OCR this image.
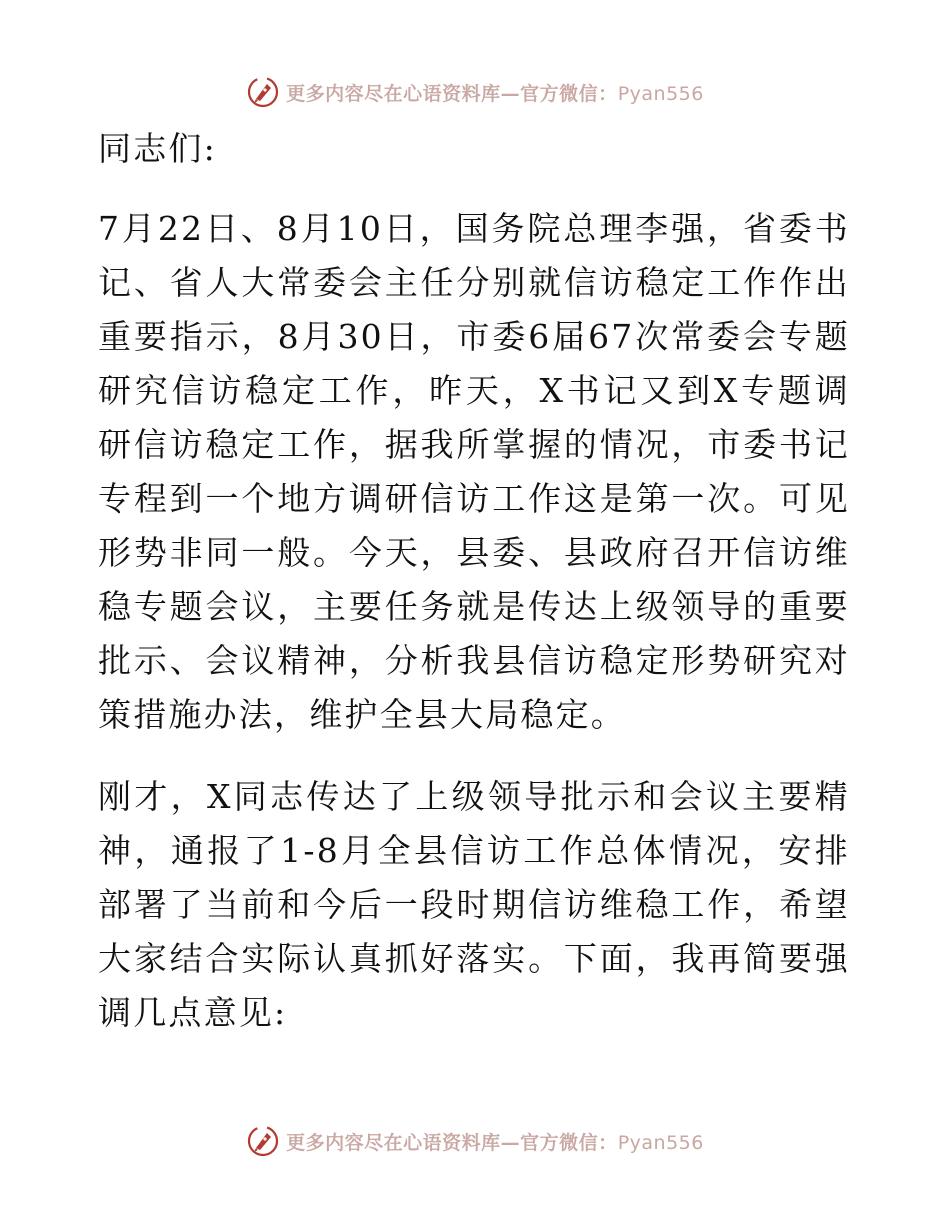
更多内容尽在心语资料库—官方微信：Pyan556

同志们:

7月22日、8月10日，国务院总理李强，省委书记、省人大常委会主任分别就信访稳定工作作出重要指示，8月30日，市委6届67次常委会专题研究信访稳定工作，昨天，X书记又到X专题调研信访稳定工作，据我所掌握的情况，市委书记专程到一个地方调研信访工作这是第一次。可见形势非同一般。今天，县委、县政府召开信访维稳专题会议，主要任务就是传达上级领导的重要批示、会议精神，分析我县信访稳定形势研究对策措施办法，维护全县大局稳定。

刚才，X同志传达了上级领导批示和会议主要精神，通报了1-8月全县信访工作总体情况，安排部署了当前和今后一段时期信访维稳工作，希望大家结合实际认真抓好落实。下面，我再简要强调几点意见:

更多内容尽在心语资料库—官方微信：Pyan556
